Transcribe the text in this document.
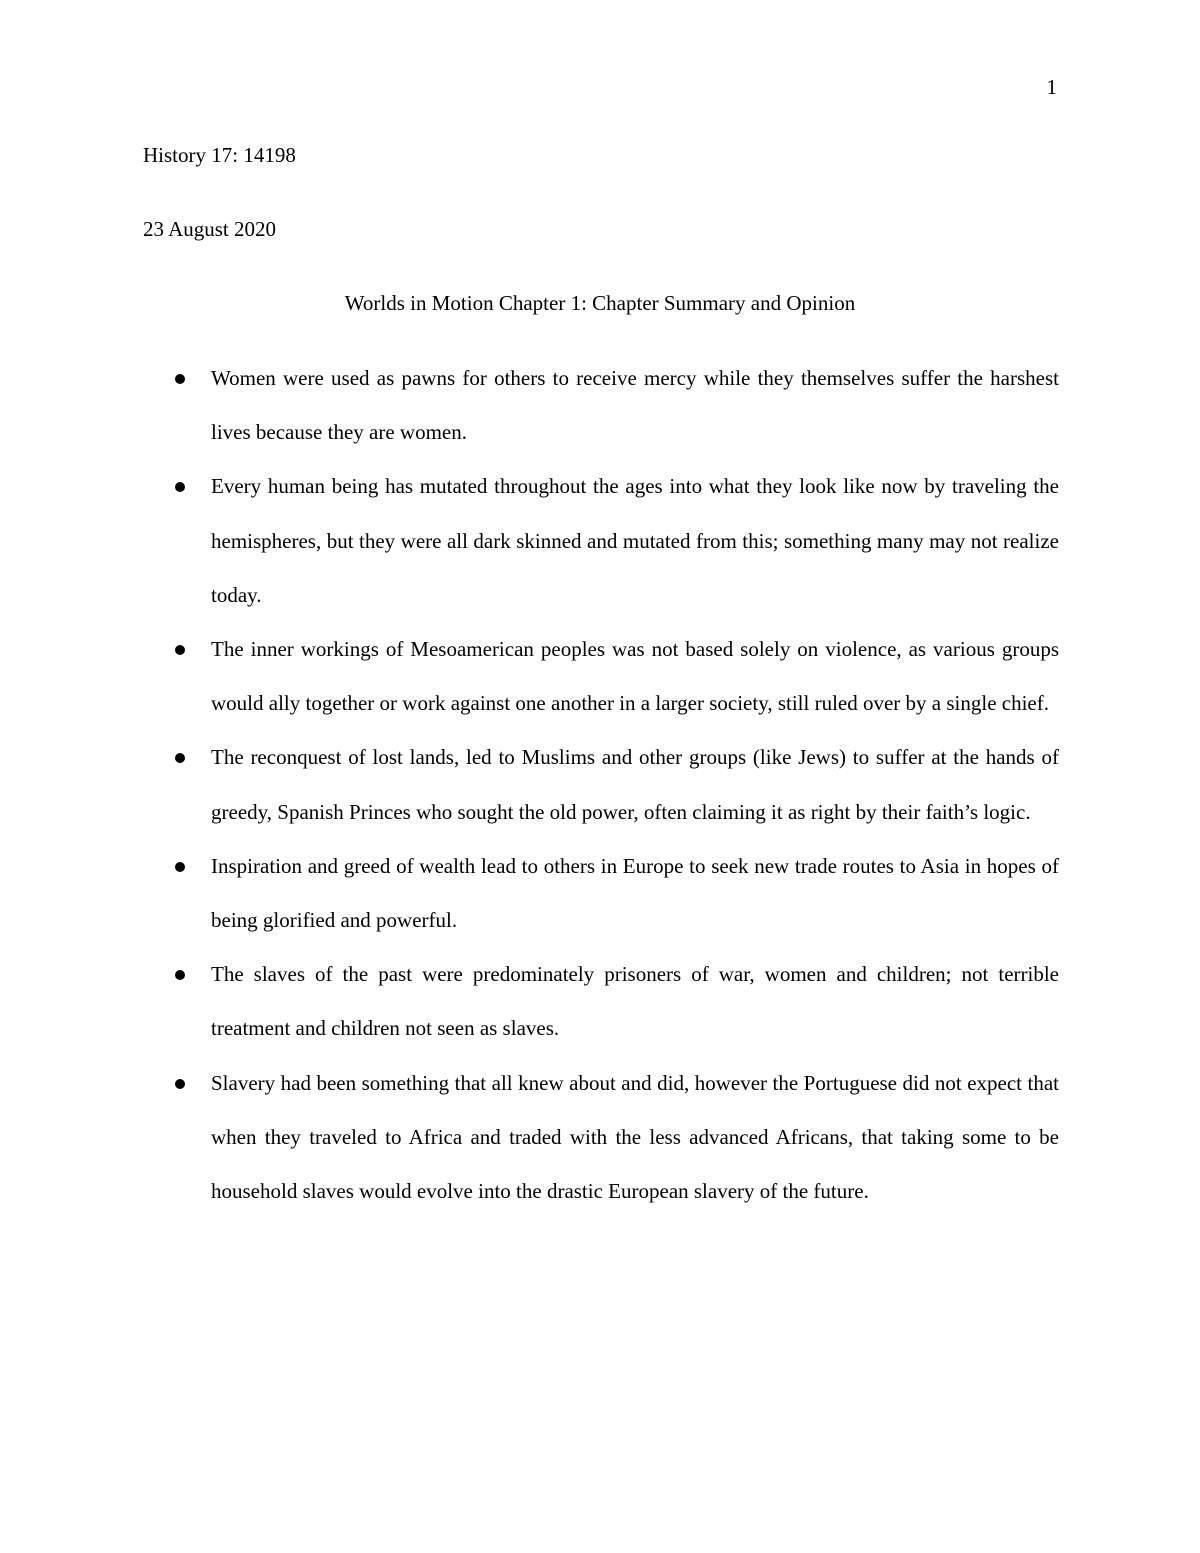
1
History 17: 14198
23 August 2020
Worlds in Motion Chapter 1: Chapter Summary and Opinion
Women were used as pawns for others to receive mercy while they themselves suffer the harshest lives because they are women.
Every human being has mutated throughout the ages into what they look like now by traveling the hemispheres, but they were all dark skinned and mutated from this; something many may not realize today.
The inner workings of Mesoamerican peoples was not based solely on violence, as various groups would ally together or work against one another in a larger society, still ruled over by a single chief.
The reconquest of lost lands, led to Muslims and other groups (like Jews) to suffer at the hands of greedy, Spanish Princes who sought the old power, often claiming it as right by their faith’s logic.
Inspiration and greed of wealth lead to others in Europe to seek new trade routes to Asia in hopes of being glorified and powerful.
The slaves of the past were predominately prisoners of war, women and children; not terrible treatment and children not seen as slaves.
Slavery had been something that all knew about and did, however the Portuguese did not expect that when they traveled to Africa and traded with the less advanced Africans, that taking some to be household slaves would evolve into the drastic European slavery of the future.
